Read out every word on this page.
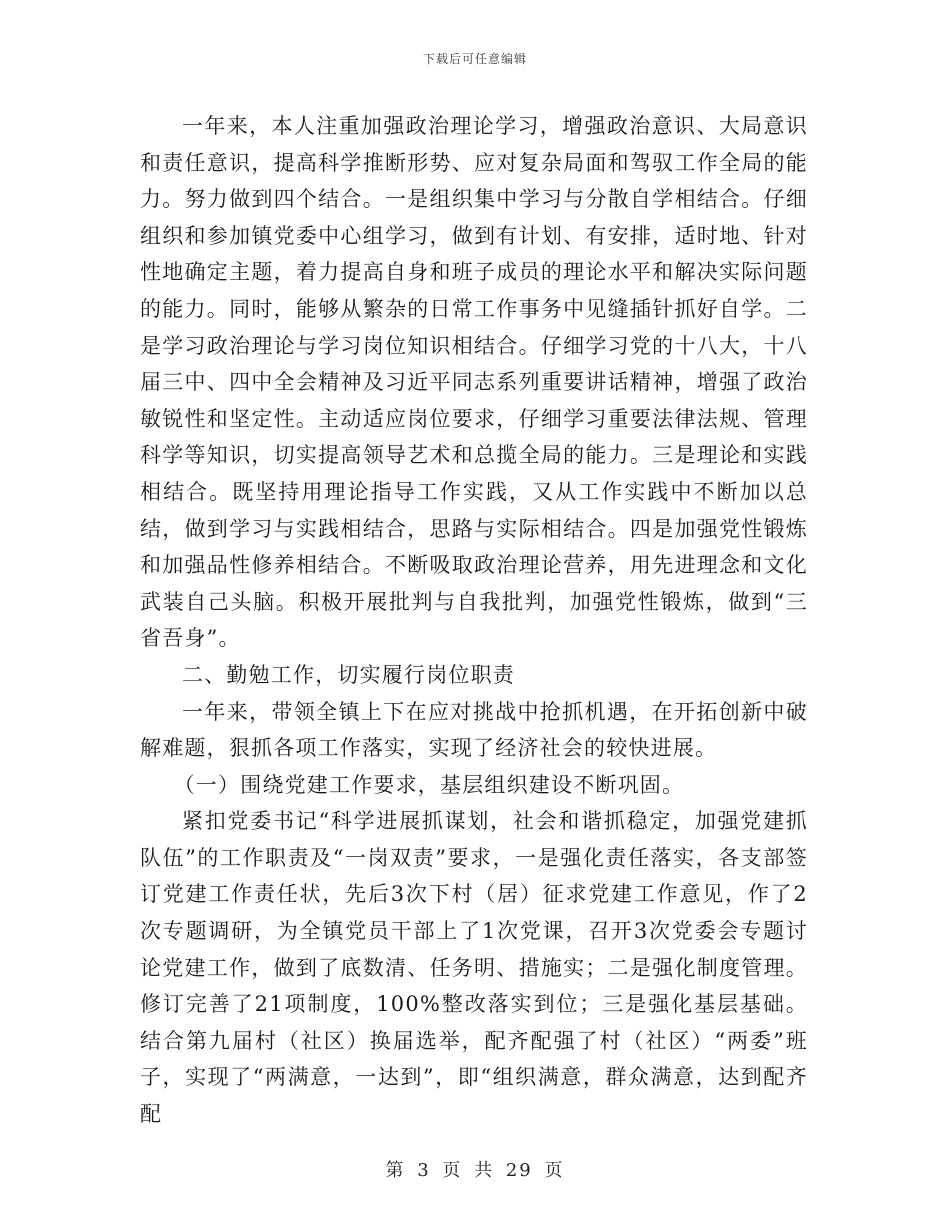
下载后可任意编辑

一年来，本人注重加强政治理论学习，增强政治意识、大局意识和责任意识，提高科学推断形势、应对复杂局面和驾驭工作全局的能力。努力做到四个结合。一是组织集中学习与分散自学相结合。仔细组织和参加镇党委中心组学习，做到有计划、有安排，适时地、针对性地确定主题，着力提高自身和班子成员的理论水平和解决实际问题的能力。同时，能够从繁杂的日常工作事务中见缝插针抓好自学。二是学习政治理论与学习岗位知识相结合。仔细学习党的十八大，十八届三中、四中全会精神及习近平同志系列重要讲话精神，增强了政治敏锐性和坚定性。主动适应岗位要求，仔细学习重要法律法规、管理科学等知识，切实提高领导艺术和总揽全局的能力。三是理论和实践相结合。既坚持用理论指导工作实践，又从工作实践中不断加以总结，做到学习与实践相结合，思路与实际相结合。四是加强党性锻炼和加强品性修养相结合。不断吸取政治理论营养，用先进理念和文化武装自己头脑。积极开展批判与自我批判，加强党性锻炼，做到“三省吾身”。

二、勤勉工作，切实履行岗位职责

一年来，带领全镇上下在应对挑战中抢抓机遇，在开拓创新中破解难题，狠抓各项工作落实，实现了经济社会的较快进展。

（一）围绕党建工作要求，基层组织建设不断巩固。

紧扣党委书记“科学进展抓谋划，社会和谐抓稳定，加强党建抓队伍”的工作职责及“一岗双责”要求，一是强化责任落实，各支部签订党建工作责任状，先后3次下村（居）征求党建工作意见，作了2次专题调研，为全镇党员干部上了1次党课，召开3次党委会专题讨论党建工作，做到了底数清、任务明、措施实；二是强化制度管理。修订完善了21项制度，100%整改落实到位；三是强化基层基础。结合第九届村（社区）换届选举，配齐配强了村（社区）“两委”班子，实现了“两满意，一达到”，即“组织满意，群众满意，达到配齐配

第 3 页 共 29 页
